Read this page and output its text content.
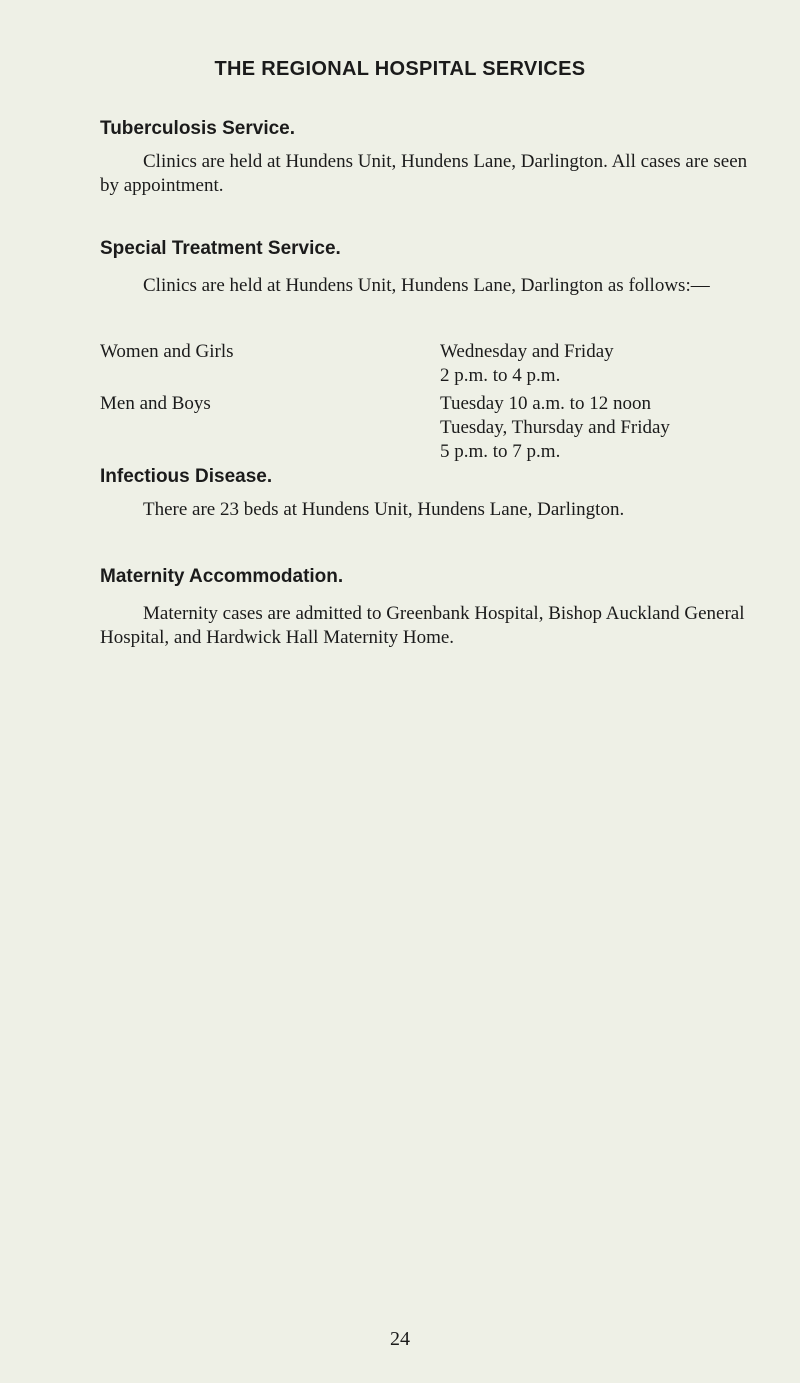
THE REGIONAL HOSPITAL SERVICES
Tuberculosis Service.
Clinics are held at Hundens Unit, Hundens Lane, Darlington. All cases are seen by appointment.
Special Treatment Service.
Clinics are held at Hundens Unit, Hundens Lane, Darlington as follows:—
Women and Girls	Wednesday and Friday
2 p.m. to 4 p.m.
Men and Boys	Tuesday 10 a.m. to 12 noon
Tuesday, Thursday and Friday
5 p.m. to 7 p.m.
Infectious Disease.
There are 23 beds at Hundens Unit, Hundens Lane, Darlington.
Maternity Accommodation.
Maternity cases are admitted to Greenbank Hospital, Bishop Auckland General Hospital, and Hardwick Hall Maternity Home.
24
